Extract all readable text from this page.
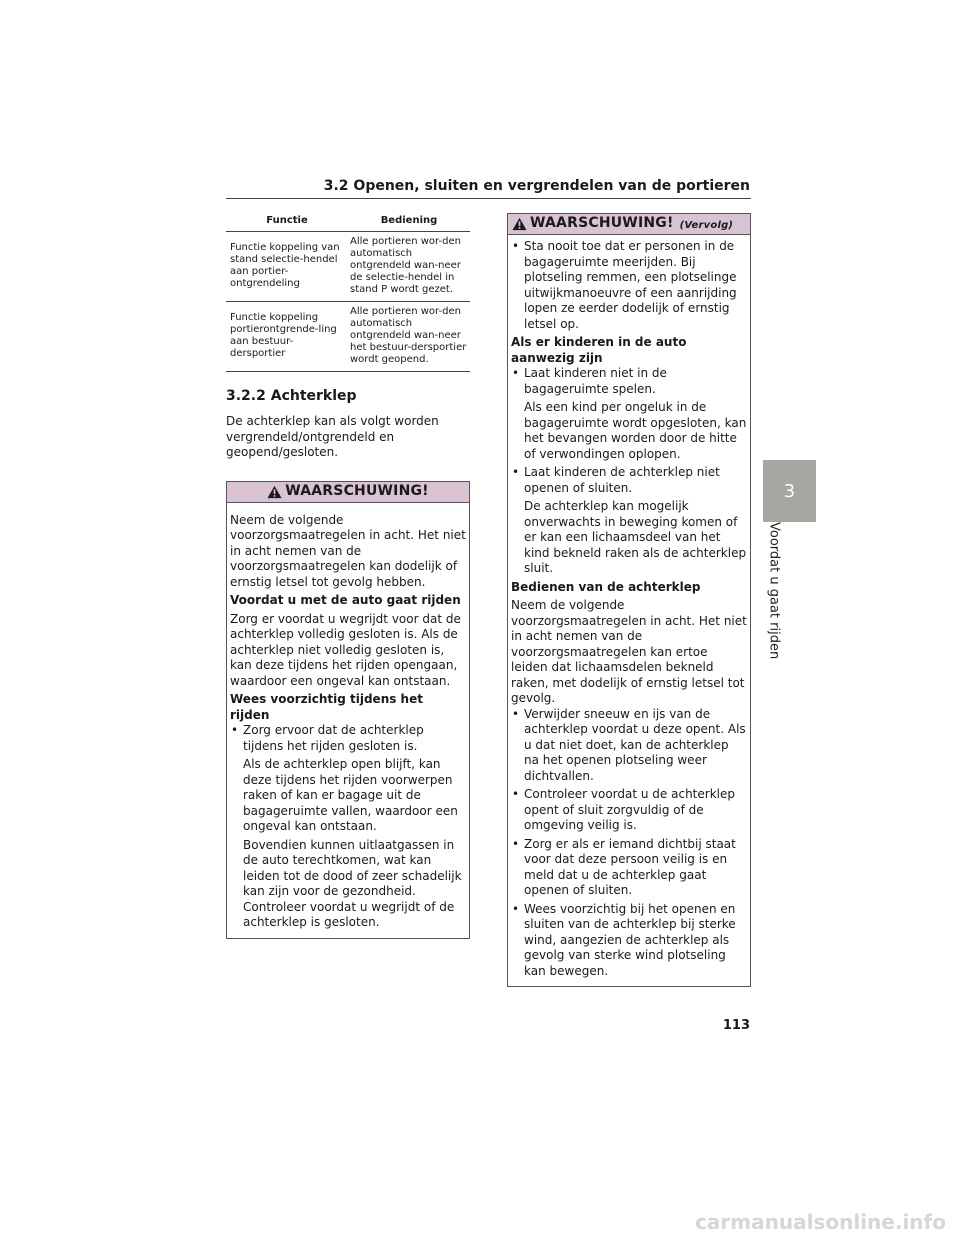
3.2 Openen, sluiten en vergrendelen van de portieren
Functie	Bediening
Functie koppeling van stand selectie-hendel aan portier-ontgrendeling	Alle portieren wor-den automatisch ontgrendeld wan-neer de selectie-hendel in stand P wordt gezet.
Functie koppeling portierontgrende-ling aan bestuur-dersportier	Alle portieren wor-den automatisch ontgrendeld wan-neer het bestuur-dersportier wordt geopend.
3.2.2 Achterklep

De achterklep kan als volgt worden vergrendeld/ontgrendeld en geopend/gesloten.

WAARSCHUWING!

Neem de volgende voorzorgsmaatregelen in acht. Het niet in acht nemen van de voorzorgsmaatregelen kan dodelijk of ernstig letsel tot gevolg hebben.

Voordat u met de auto gaat rijden

Zorg er voordat u wegrijdt voor dat de achterklep volledig gesloten is. Als de achterklep niet volledig gesloten is, kan deze tijdens het rijden opengaan, waardoor een ongeval kan ontstaan.

Wees voorzichtig tijdens het rijden

• Zorg ervoor dat de achterklep tijdens het rijden gesloten is.

Als de achterklep open blijft, kan deze tijdens het rijden voorwerpen raken of kan er bagage uit de bagageruimte vallen, waardoor een ongeval kan ontstaan.

Bovendien kunnen uitlaatgassen in de auto terechtkomen, wat kan leiden tot de dood of zeer schadelijk kan zijn voor de gezondheid. Controleer voordat u wegrijdt of de achterklep is gesloten.

WAARSCHUWING! (Vervolg)

• Sta nooit toe dat er personen in de bagageruimte meerijden. Bij plotseling remmen, een plotselinge uitwijkmanoeuvre of een aanrijding lopen ze eerder dodelijk of ernstig letsel op.

Als er kinderen in de auto aanwezig zijn

• Laat kinderen niet in de bagageruimte spelen.

Als een kind per ongeluk in de bagageruimte wordt opgesloten, kan het bevangen worden door de hitte of verwondingen oplopen.

• Laat kinderen de achterklep niet openen of sluiten.

De achterklep kan mogelijk onverwachts in beweging komen of er kan een lichaamsdeel van het kind bekneld raken als de achterklep sluit.

Bedienen van de achterklep

Neem de volgende voorzorgsmaatregelen in acht. Het niet in acht nemen van de voorzorgsmaatregelen kan ertoe leiden dat lichaamsdelen bekneld raken, met dodelijk of ernstig letsel tot gevolg.

• Verwijder sneeuw en ijs van de achterklep voordat u deze opent. Als u dat niet doet, kan de achterklep na het openen plotseling weer dichtvallen.

• Controleer voordat u de achterklep opent of sluit zorgvuldig of de omgeving veilig is.

• Zorg er als er iemand dichtbij staat voor dat deze persoon veilig is en meld dat u de achterklep gaat openen of sluiten.

• Wees voorzichtig bij het openen en sluiten van de achterklep bij sterke wind, aangezien de achterklep als gevolg van sterke wind plotseling kan bewegen.

3
Voordat u gaat rijden
113
carmanualsonline.info
